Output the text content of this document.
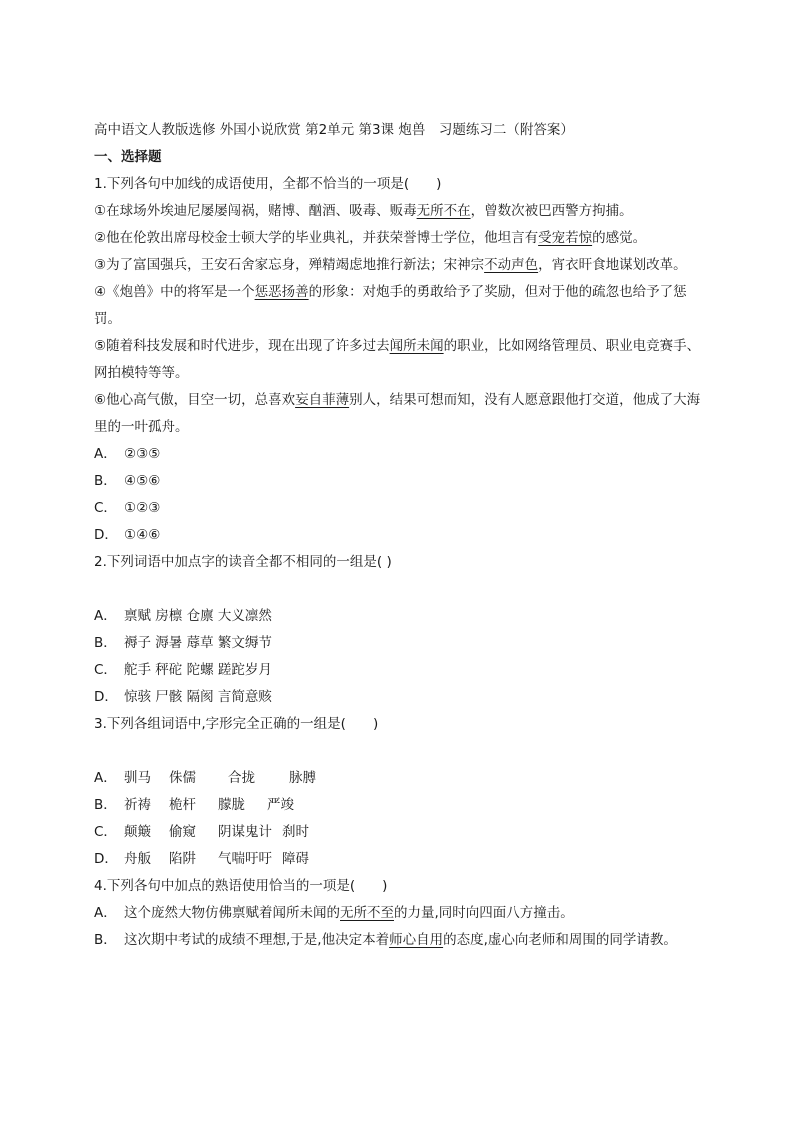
高中语文人教版选修 外国小说欣赏 第2单元 第3课 炮兽　习题练习二（附答案）
一、选择题
1.下列各句中加线的成语使用，全都不恰当的一项是(　　)
①在球场外埃迪尼屡屡闯祸，赌博、酗酒、吸毒、贩毒无所不在，曾数次被巴西警方拘捕。
②他在伦敦出席母校金士顿大学的毕业典礼，并获荣誉博士学位，他坦言有受宠若惊的感觉。
③为了富国强兵，王安石舍家忘身，殚精竭虑地推行新法；宋神宗不动声色，宵衣旰食地谋划改革。
④《炮兽》中的将军是一个惩恶扬善的形象：对炮手的勇敢给予了奖励，但对于他的疏忽也给予了惩罚。
⑤随着科技发展和时代进步，现在出现了许多过去闻所未闻的职业，比如网络管理员、职业电竞赛手、网拍模特等等。
⑥他心高气傲，目空一切，总喜欢妄自菲薄别人，结果可想而知，没有人愿意跟他打交道，他成了大海里的一叶孤舟。
A． ②③⑤
B． ④⑤⑥
C． ①②③
D． ①④⑥
2.下列词语中加点字的读音全都不相同的一组是( )
A． 禀赋 房檩 仓廪 大义凛然
B． 褥子 溽暑 蓐草 繁文缛节
C． 舵手 秤砣 陀螺 蹉跎岁月
D． 惊骇 尸骸 隔阂 言简意赅
3.下列各组词语中,字形完全正确的一组是(　　)
A． 驯马 侏儒 合拢	脉膊
B． 祈祷 桅杆 朦胧 严竣
C． 颠簸 偷窥 阴谋鬼计 刹时
D． 舟舨 陷阱 气喘吁吁 障碍
4.下列各句中加点的熟语使用恰当的一项是(　　)
A． 这个庞然大物仿佛禀赋着闻所未闻的无所不至的力量,同时向四面八方撞击。
B． 这次期中考试的成绩不理想,于是,他决定本着师心自用的态度,虚心向老师和周围的同学请教。
